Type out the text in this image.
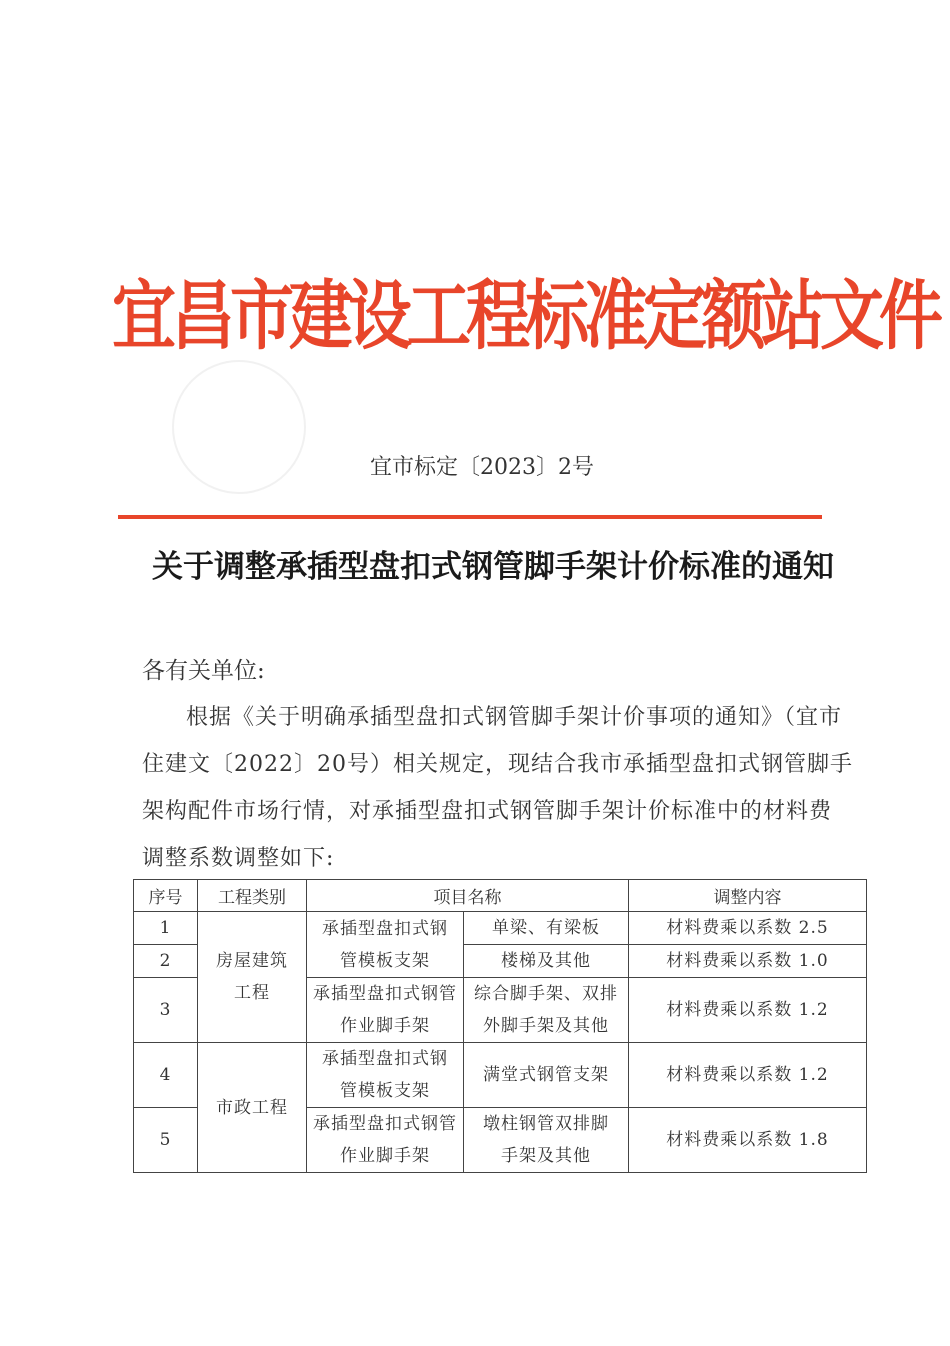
宜昌市建设工程标准定额站文件
宜市标定〔2023〕2号
关于调整承插型盘扣式钢管脚手架计价标准的通知
各有关单位:

根据《关于明确承插型盘扣式钢管脚手架计价事项的通知》（宜市住建文〔2022〕20号）相关规定，现结合我市承插型盘扣式钢管脚手架构配件市场行情，对承插型盘扣式钢管脚手架计价标准中的材料费调整系数调整如下:

序号	工程类别	项目名称		调整内容
1	房屋建筑工程	承插型盘扣式钢管模板支架	单梁、有梁板	材料费乘以系数 2.5
2			楼梯及其他	材料费乘以系数 1.0
3		承插型盘扣式钢管作业脚手架	综合脚手架、双排外脚手架及其他	材料费乘以系数 1.2
4	市政工程	承插型盘扣式钢管模板支架	满堂式钢管支架	材料费乘以系数 1.2
5		承插型盘扣式钢管作业脚手架	墩柱钢管双排脚手架及其他	材料费乘以系数 1.8
